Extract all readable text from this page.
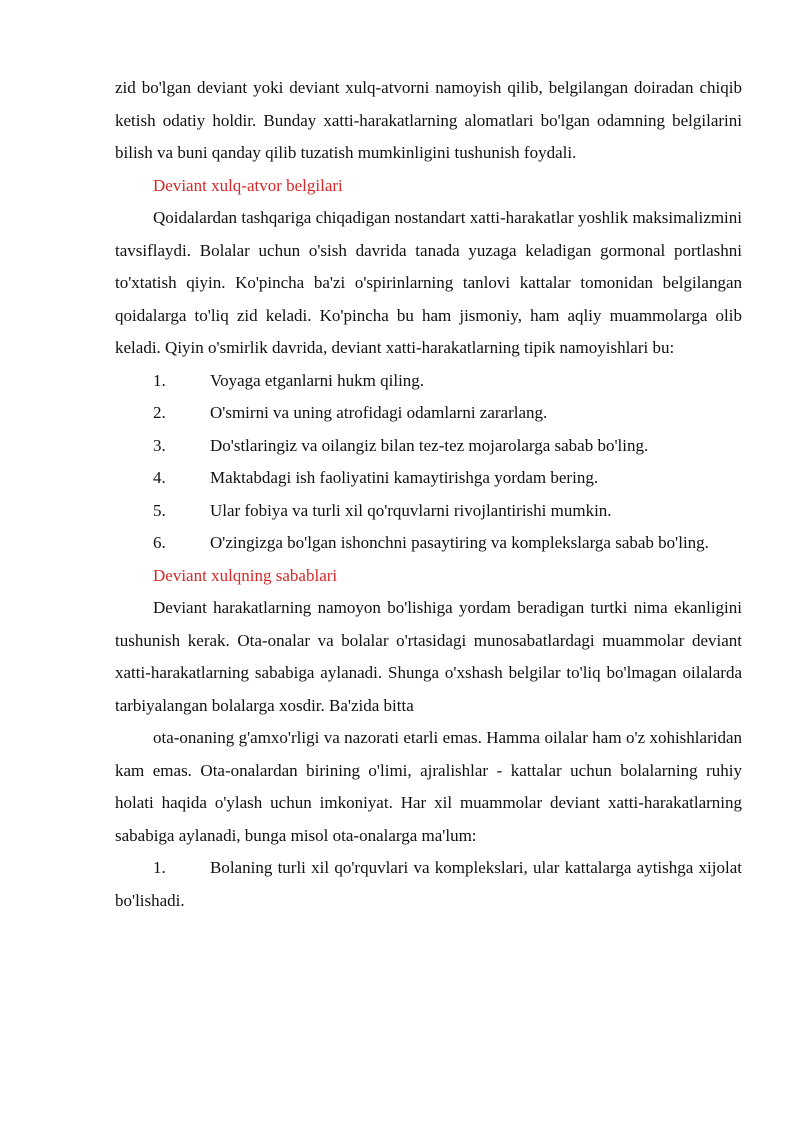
zid bo'lgan deviant yoki deviant xulq-atvorni namoyish qilib, belgilangan doiradan chiqib ketish odatiy holdir. Bunday xatti-harakatlarning alomatlari bo'lgan odamning belgilarini bilish va buni qanday qilib tuzatish mumkinligini tushunish foydali.

Deviant xulq-atvor belgilari

Qoidalardan tashqariga chiqadigan nostandart xatti-harakatlar yoshlik maksimalizmini tavsiflaydi. Bolalar uchun o'sish davrida tanada yuzaga keladigan gormonal portlashni to'xtatish qiyin. Ko'pincha ba'zi o'spirinlarning tanlovi kattalar tomonidan belgilangan qoidalarga to'liq zid keladi. Ko'pincha bu ham jismoniy, ham aqliy muammolarga olib keladi. Qiyin o'smirlik davrida, deviant xatti-harakatlarning tipik namoyishlari bu:

1.	Voyaga etganlarni hukm qiling.

2.	O'smirni va uning atrofidagi odamlarni zararlang.

3.	Do'stlaringiz va oilangiz bilan tez-tez mojarolarga sabab bo'ling.

4.	Maktabdagi ish faoliyatini kamaytirishga yordam bering.

5.	Ular fobiya va turli xil qo'rquvlarni rivojlantirishi mumkin.

6.	O'zingizga bo'lgan ishonchni pasaytiring va komplekslarga sabab bo'ling.

Deviant xulqning sabablari

Deviant harakatlarning namoyon bo'lishiga yordam beradigan turtki nima ekanligini tushunish kerak. Ota-onalar va bolalar o'rtasidagi munosabatlardagi muammolar deviant xatti-harakatlarning sababiga aylanadi. Shunga o'xshash belgilar to'liq bo'lmagan oilalarda tarbiyalangan bolalarga xosdir. Ba'zida bitta

ota-onaning g'amxo'rligi va nazorati etarli emas. Hamma oilalar ham o'z xohishlaridan kam emas. Ota-onalardan birining o'limi, ajralishlar - kattalar uchun bolalarning ruhiy holati haqida o'ylash uchun imkoniyat. Har xil muammolar deviant xatti-harakatlarning sababiga aylanadi, bunga misol ota-onalarga ma'lum:

1.	Bolaning turli xil qo'rquvlari va komplekslari, ular kattalarga aytishga xijolat bo'lishadi.
